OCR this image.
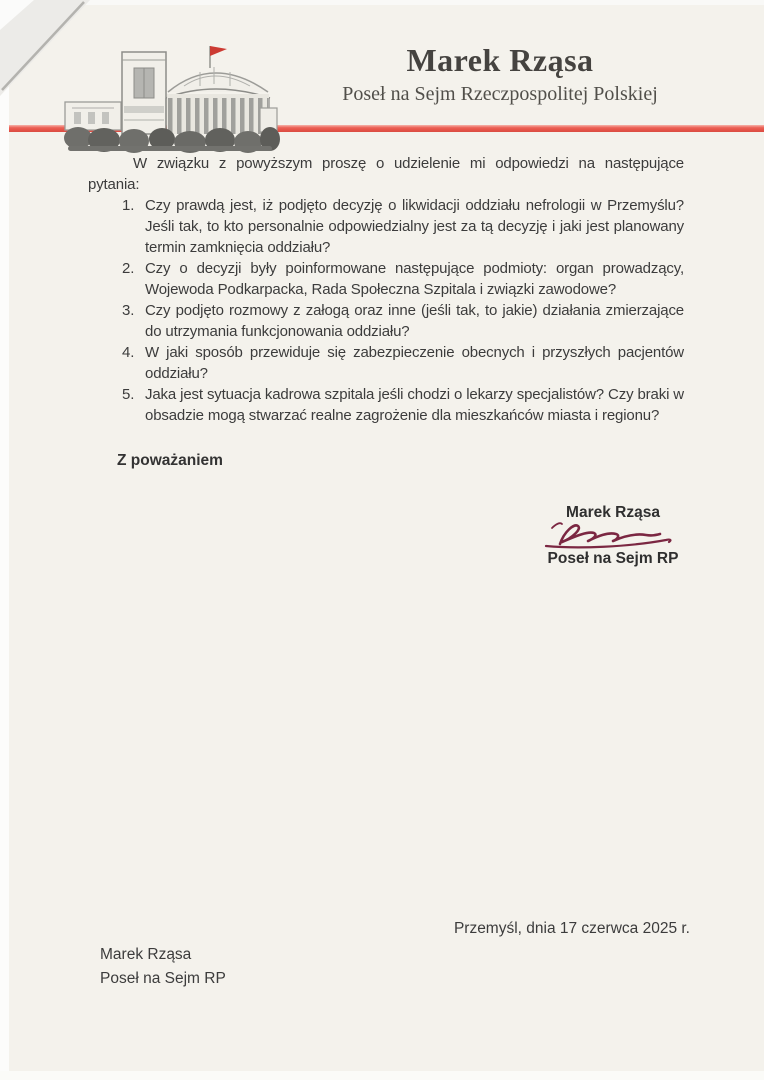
Marek Rząsa
Poseł na Sejm Rzeczpospolitej Polskiej
W związku z powyższym proszę o udzielenie mi odpowiedzi na następujące
pytania:
1. Czy prawdą jest, iż podjęto decyzję o likwidacji oddziału nefrologii w Przemyślu? Jeśli tak, to kto personalnie odpowiedzialny jest za tą decyzję i jaki jest planowany termin zamknięcia oddziału?
2. Czy o decyzji były poinformowane następujące podmioty: organ prowadzący, Wojewoda Podkarpacka, Rada Społeczna Szpitala i związki zawodowe?
3. Czy podjęto rozmowy z załogą oraz inne (jeśli tak, to jakie) działania zmierzające do utrzymania funkcjonowania oddziału?
4. W jaki sposób przewiduje się zabezpieczenie obecnych i przyszłych pacjentów oddziału?
5. Jaka jest sytuacja kadrowa szpitala jeśli chodzi o lekarzy specjalistów? Czy braki w obsadzie mogą stwarzać realne zagrożenie dla mieszkańców miasta i regionu?
Z poważaniem
Marek Rząsa
Poseł na Sejm RP
Przemyśl, dnia 17 czerwca 2025 r.
Marek Rząsa
Poseł na Sejm RP
